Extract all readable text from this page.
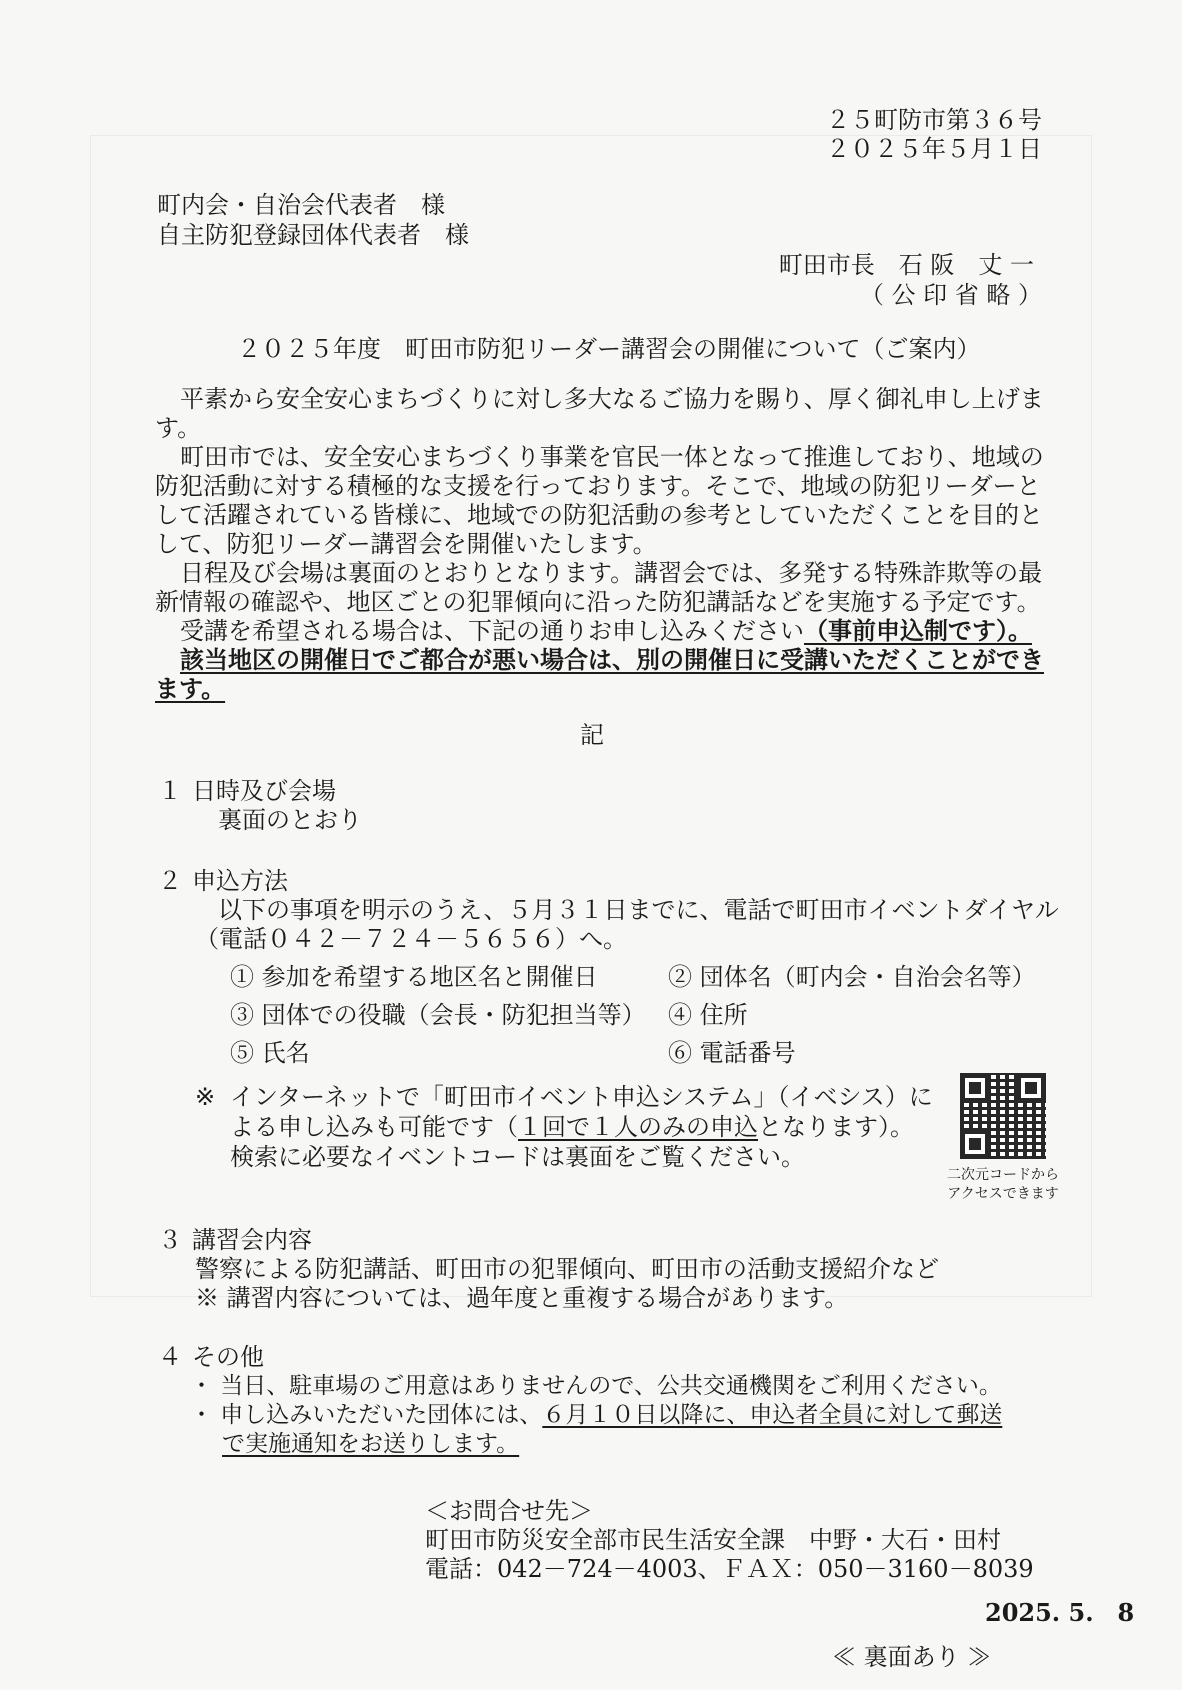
２５町防市第３６号
２０２５年５月１日
町内会・自治会代表者　様
自主防犯登録団体代表者　様
町田市長　石 阪　丈 一
（ 公 印 省 略 ）
２０２５年度　町田市防犯リーダー講習会の開催について（ご案内）
平素から安全安心まちづくりに対し多大なるご協力を賜り、厚く御礼申し上げま
す。
町田市では、安全安心まちづくり事業を官民一体となって推進しており、地域の
防犯活動に対する積極的な支援を行っております。そこで、地域の防犯リーダーと
して活躍されている皆様に、地域での防犯活動の参考としていただくことを目的と
して、防犯リーダー講習会を開催いたします。
日程及び会場は裏面のとおりとなります。講習会では、多発する特殊詐欺等の最
新情報の確認や、地区ごとの犯罪傾向に沿った防犯講話などを実施する予定です。
受講を希望される場合は、下記の通りお申し込みください（事前申込制です）。
該当地区の開催日でご都合が悪い場合は、別の開催日に受講いただくことができ
ます。
記
１ 日時及び会場
裏面のとおり
２ 申込方法
以下の事項を明示のうえ、５月３１日までに、電話で町田市イベントダイヤル
（電話０４２－７２４－５６５６）へ。
① 参加を希望する地区名と開催日	② 団体名（町内会・自治会名等）
③ 団体での役職（会長・防犯担当等） ④ 住所
⑤ 氏名	⑥ 電話番号
※ インターネットで「町田市イベント申込システム」（イベシス）に
よる申し込みも可能です（１回で１人のみの申込となります）。
検索に必要なイベントコードは裏面をご覧ください。
二次元コードから
アクセスできます
３ 講習会内容
警察による防犯講話、町田市の犯罪傾向、町田市の活動支援紹介など
※ 講習内容については、過年度と重複する場合があります。
４ その他
・ 当日、駐車場のご用意はありませんので、公共交通機関をご利用ください。
・ 申し込みいただいた団体には、６月１０日以降に、申込者全員に対して郵送
で実施通知をお送りします。
＜お問合せ先＞
町田市防災安全部市民生活安全課　中野・大石・田村
電話：042－724－4003、ＦＡＸ：050－3160－8039
2025. 5.　8
≪ 裏面あり ≫
